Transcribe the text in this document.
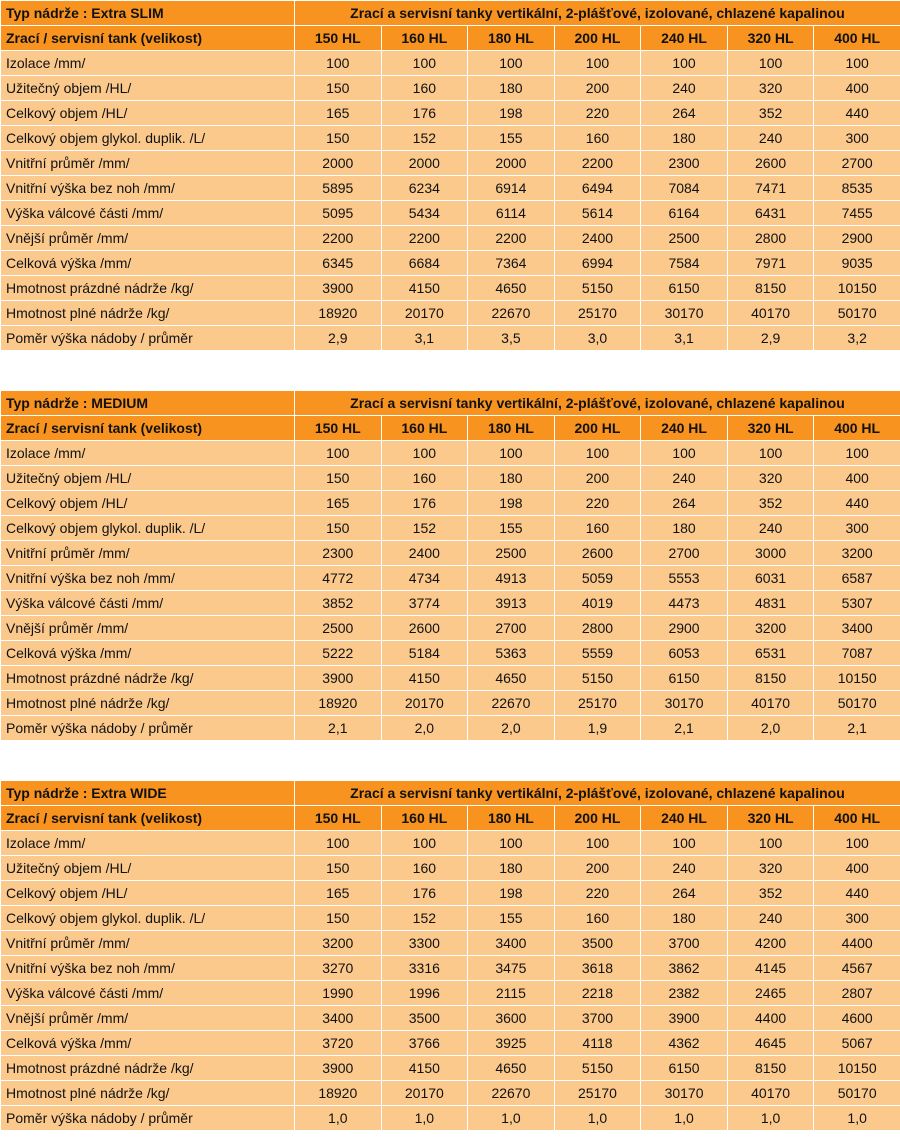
Typ nádrže : Extra SLIM	Zrací a servisní tanky vertikální, 2-plášťové, izolované, chlazené kapalinou						
Zrací / servisní tank (velikost)	150 HL	160 HL	180 HL	200 HL	240 HL	320 HL	400 HL
Izolace /mm/	100	100	100	100	100	100	100
Užitečný objem /HL/	150	160	180	200	240	320	400
Celkový objem /HL/	165	176	198	220	264	352	440
Celkový objem glykol. duplik. /L/	150	152	155	160	180	240	300
Vnitřní průměr /mm/	2000	2000	2000	2200	2300	2600	2700
Vnitřní výška bez noh /mm/	5895	6234	6914	6494	7084	7471	8535
Výška válcové části /mm/	5095	5434	6114	5614	6164	6431	7455
Vnější průměr /mm/	2200	2200	2200	2400	2500	2800	2900
Celková výška /mm/	6345	6684	7364	6994	7584	7971	9035
Hmotnost prázdné nádrže /kg/	3900	4150	4650	5150	6150	8150	10150
Hmotnost plné nádrže /kg/	18920	20170	22670	25170	30170	40170	50170
Poměr výška nádoby / průměr	2,9	3,1	3,5	3,0	3,1	2,9	3,2
Typ nádrže : MEDIUM	Zrací a servisní tanky vertikální, 2-plášťové, izolované, chlazené kapalinou						
Zrací / servisní tank (velikost)	150 HL	160 HL	180 HL	200 HL	240 HL	320 HL	400 HL
Izolace /mm/	100	100	100	100	100	100	100
Užitečný objem /HL/	150	160	180	200	240	320	400
Celkový objem /HL/	165	176	198	220	264	352	440
Celkový objem glykol. duplik. /L/	150	152	155	160	180	240	300
Vnitřní průměr /mm/	2300	2400	2500	2600	2700	3000	3200
Vnitřní výška bez noh /mm/	4772	4734	4913	5059	5553	6031	6587
Výška válcové části /mm/	3852	3774	3913	4019	4473	4831	5307
Vnější průměr /mm/	2500	2600	2700	2800	2900	3200	3400
Celková výška /mm/	5222	5184	5363	5559	6053	6531	7087
Hmotnost prázdné nádrže /kg/	3900	4150	4650	5150	6150	8150	10150
Hmotnost plné nádrže /kg/	18920	20170	22670	25170	30170	40170	50170
Poměr výška nádoby / průměr	2,1	2,0	2,0	1,9	2,1	2,0	2,1
Typ nádrže : Extra WIDE	Zrací a servisní tanky vertikální, 2-plášťové, izolované, chlazené kapalinou						
Zrací / servisní tank (velikost)	150 HL	160 HL	180 HL	200 HL	240 HL	320 HL	400 HL
Izolace /mm/	100	100	100	100	100	100	100
Užitečný objem /HL/	150	160	180	200	240	320	400
Celkový objem /HL/	165	176	198	220	264	352	440
Celkový objem glykol. duplik. /L/	150	152	155	160	180	240	300
Vnitřní průměr /mm/	3200	3300	3400	3500	3700	4200	4400
Vnitřní výška bez noh /mm/	3270	3316	3475	3618	3862	4145	4567
Výška válcové části /mm/	1990	1996	2115	2218	2382	2465	2807
Vnější průměr /mm/	3400	3500	3600	3700	3900	4400	4600
Celková výška /mm/	3720	3766	3925	4118	4362	4645	5067
Hmotnost prázdné nádrže /kg/	3900	4150	4650	5150	6150	8150	10150
Hmotnost plné nádrže /kg/	18920	20170	22670	25170	30170	40170	50170
Poměr výška nádoby / průměr	1,0	1,0	1,0	1,0	1,0	1,0	1,0
